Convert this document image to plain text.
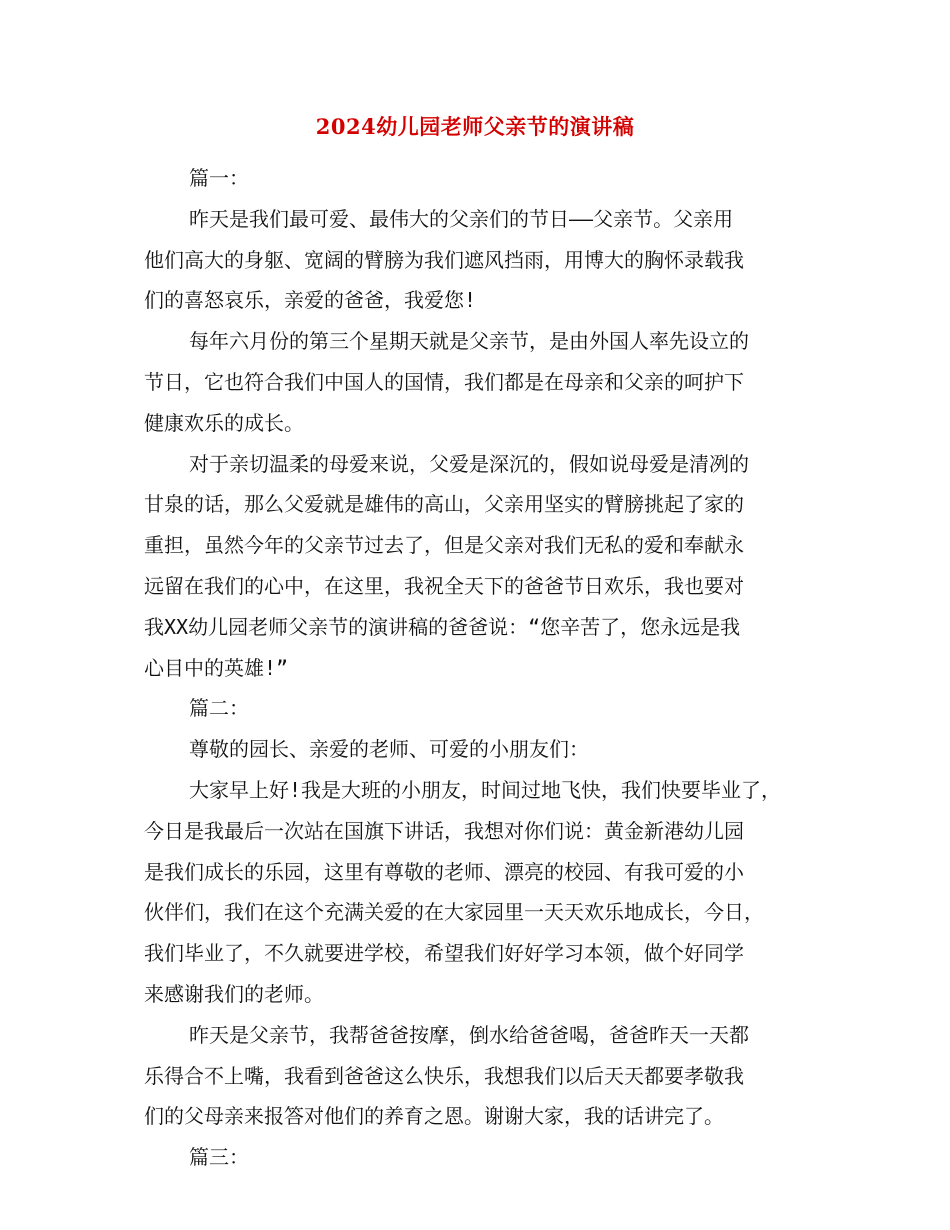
2024幼儿园老师父亲节的演讲稿
篇一：
昨天是我们最可爱、最伟大的父亲们的节日——父亲节。父亲用
他们高大的身躯、宽阔的臂膀为我们遮风挡雨，用博大的胸怀录载我
们的喜怒哀乐，亲爱的爸爸，我爱您!
每年六月份的第三个星期天就是父亲节，是由外国人率先设立的
节日，它也符合我们中国人的国情，我们都是在母亲和父亲的呵护下
健康欢乐的成长。
对于亲切温柔的母爱来说，父爱是深沉的，假如说母爱是清冽的
甘泉的话，那么父爱就是雄伟的高山，父亲用坚实的臂膀挑起了家的
重担，虽然今年的父亲节过去了，但是父亲对我们无私的爱和奉献永
远留在我们的心中，在这里，我祝全天下的爸爸节日欢乐，我也要对
我XX幼儿园老师父亲节的演讲稿的爸爸说：“您辛苦了，您永远是我
心目中的英雄!”
篇二：
尊敬的园长、亲爱的老师、可爱的小朋友们：
大家早上好!我是大班的小朋友，时间过地飞快，我们快要毕业了，
今日是我最后一次站在国旗下讲话，我想对你们说：黄金新港幼儿园
是我们成长的乐园，这里有尊敬的老师、漂亮的校园、有我可爱的小
伙伴们，我们在这个充满关爱的在大家园里一天天欢乐地成长，今日，
我们毕业了，不久就要进学校，希望我们好好学习本领，做个好同学
来感谢我们的老师。
昨天是父亲节，我帮爸爸按摩，倒水给爸爸喝，爸爸昨天一天都
乐得合不上嘴，我看到爸爸这么快乐，我想我们以后天天都要孝敬我
们的父母亲来报答对他们的养育之恩。谢谢大家，我的话讲完了。
篇三：
